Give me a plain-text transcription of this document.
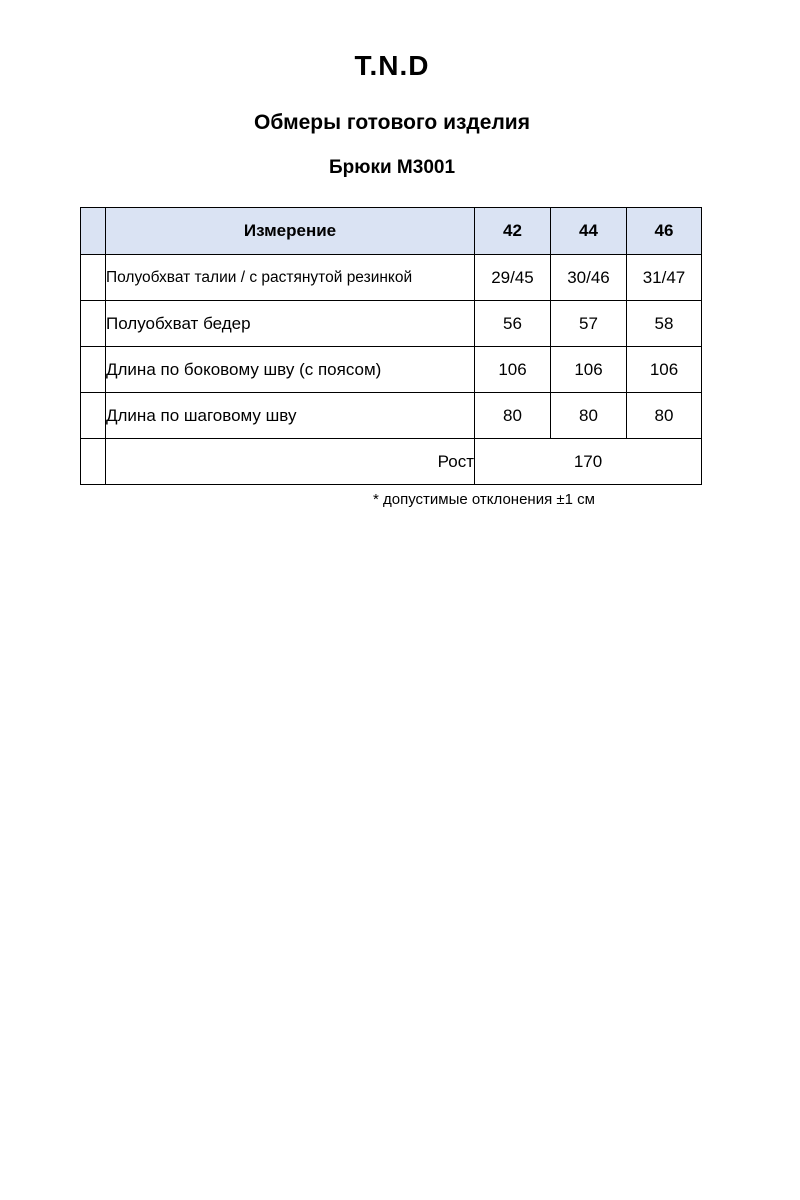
T.N.D
Обмеры готового изделия
Брюки М3001
	Измерение	42	44	46
	Полуобхват талии / с растянутой резинкой	29/45	30/46	31/47
	Полуобхват бедер	56	57	58
	Длина по боковому шву (с поясом)	106	106	106
	Длина по шаговому шву	80	80	80
	Рост	170		
* допустимые отклонения ±1 см
